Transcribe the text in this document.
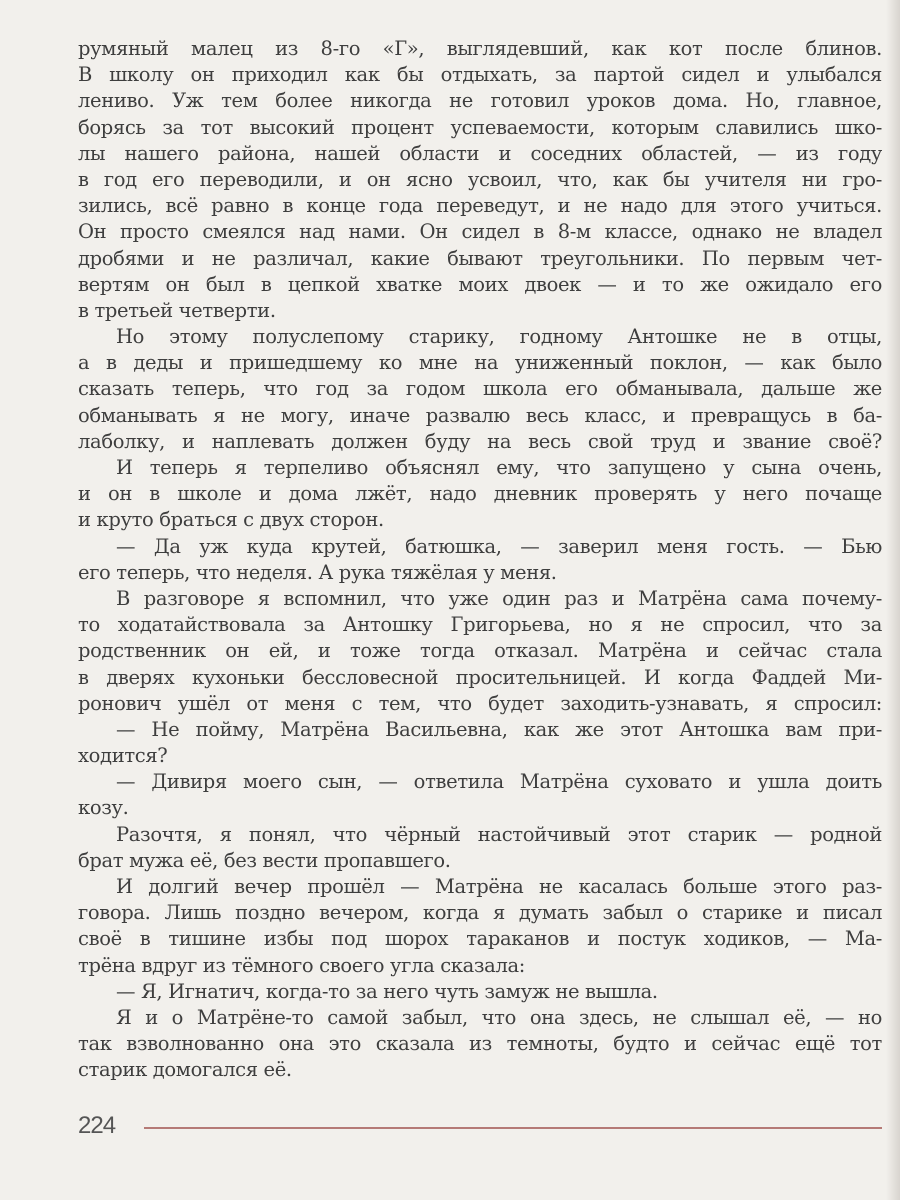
румяный малец из 8-го «Г», выглядевший, как кот после блинов.
В школу он приходил как бы отдыхать, за партой сидел и улыбался
лениво. Уж тем более никогда не готовил уроков дома. Но, главное,
борясь за тот высокий процент успеваемости, которым славились шко-
лы нашего района, нашей области и соседних областей, — из году
в год его переводили, и он ясно усвоил, что, как бы учителя ни гро-
зились, всё равно в конце года переведут, и не надо для этого учиться.
Он просто смеялся над нами. Он сидел в 8-м классе, однако не владел
дробями и не различал, какие бывают треугольники. По первым чет-
вертям он был в цепкой хватке моих двоек — и то же ожидало его
в третьей четверти.
Но этому полуслепому старику, годному Антошке не в отцы,
а в деды и пришедшему ко мне на униженный поклон, — как было
сказать теперь, что год за годом школа его обманывала, дальше же
обманывать я не могу, иначе развалю весь класс, и превращусь в ба-
лаболку, и наплевать должен буду на весь свой труд и звание своё?
И теперь я терпеливо объяснял ему, что запущено у сына очень,
и он в школе и дома лжёт, надо дневник проверять у него почаще
и круто браться с двух сторон.
— Да уж куда крутей, батюшка, — заверил меня гость. — Бью
его теперь, что неделя. А рука тяжёлая у меня.
В разговоре я вспомнил, что уже один раз и Матрёна сама почему-
то ходатайствовала за Антошку Григорьева, но я не спросил, что за
родственник он ей, и тоже тогда отказал. Матрёна и сейчас стала
в дверях кухоньки бессловесной просительницей. И когда Фаддей Ми-
ронович ушёл от меня с тем, что будет заходить-узнавать, я спросил:
— Не пойму, Матрёна Васильевна, как же этот Антошка вам при-
ходится?
— Дивиря моего сын, — ответила Матрёна суховато и ушла доить
козу.
Разочтя, я понял, что чёрный настойчивый этот старик — родной
брат мужа её, без вести пропавшего.
И долгий вечер прошёл — Матрёна не касалась больше этого раз-
говора. Лишь поздно вечером, когда я думать забыл о старике и писал
своё в тишине избы под шорох тараканов и постук ходиков, — Ма-
трёна вдруг из тёмного своего угла сказала:
— Я, Игнатич, когда-то за него чуть замуж не вышла.
Я и о Матрёне-то самой забыл, что она здесь, не слышал её, — но
так взволнованно она это сказала из темноты, будто и сейчас ещё тот
старик домогался её.
224
